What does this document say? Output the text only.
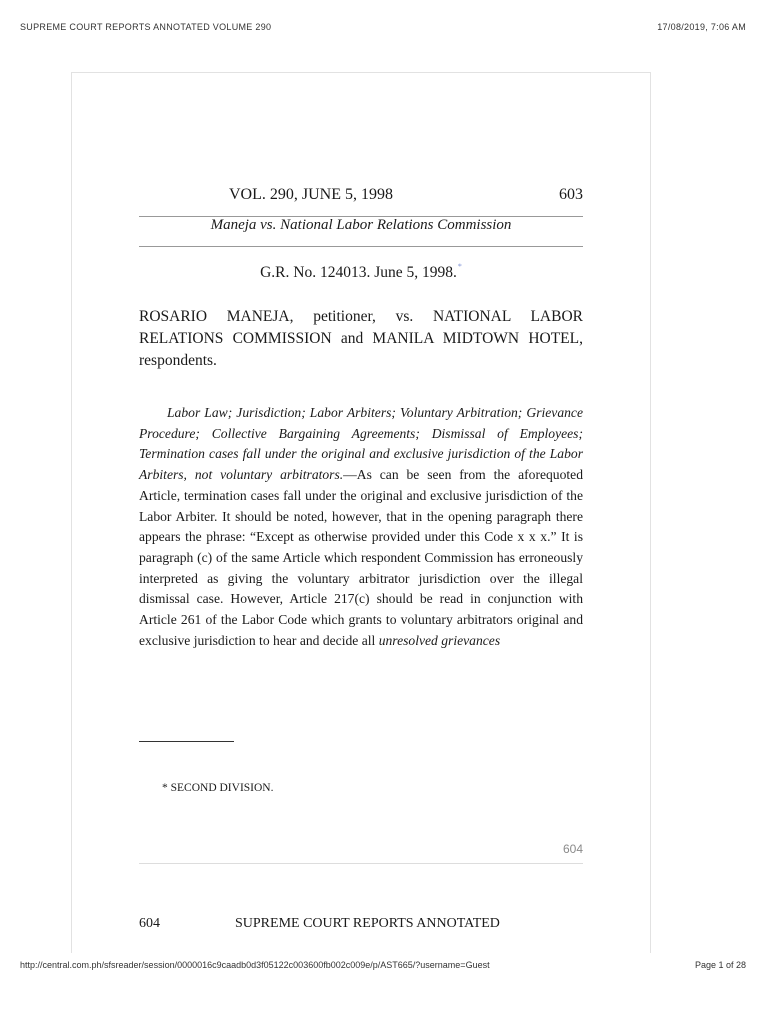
SUPREME COURT REPORTS ANNOTATED VOLUME 290	17/08/2019, 7:06 AM
VOL. 290, JUNE 5, 1998	603
Maneja vs. National Labor Relations Commission
G.R. No. 124013. June 5, 1998.*
ROSARIO MANEJA, petitioner, vs. NATIONAL LABOR RELATIONS COMMISSION and MANILA MIDTOWN HOTEL, respondents.
Labor Law; Jurisdiction; Labor Arbiters; Voluntary Arbitration; Grievance Procedure; Collective Bargaining Agreements; Dismissal of Employees; Termination cases fall under the original and exclusive jurisdiction of the Labor Arbiters, not voluntary arbitrators.—As can be seen from the aforequoted Article, termination cases fall under the original and exclusive jurisdiction of the Labor Arbiter. It should be noted, however, that in the opening paragraph there appears the phrase: “Except as otherwise provided under this Code x x x.” It is paragraph (c) of the same Article which respondent Commission has erroneously interpreted as giving the voluntary arbitrator jurisdiction over the illegal dismissal case. However, Article 217(c) should be read in conjunction with Article 261 of the Labor Code which grants to voluntary arbitrators original and exclusive jurisdiction to hear and decide all unresolved grievances
* SECOND DIVISION.
604
604	SUPREME COURT REPORTS ANNOTATED
http://central.com.ph/sfsreader/session/0000016c9caadb0d3f05122c003600fb002c009e/p/AST665/?username=Guest	Page 1 of 28
